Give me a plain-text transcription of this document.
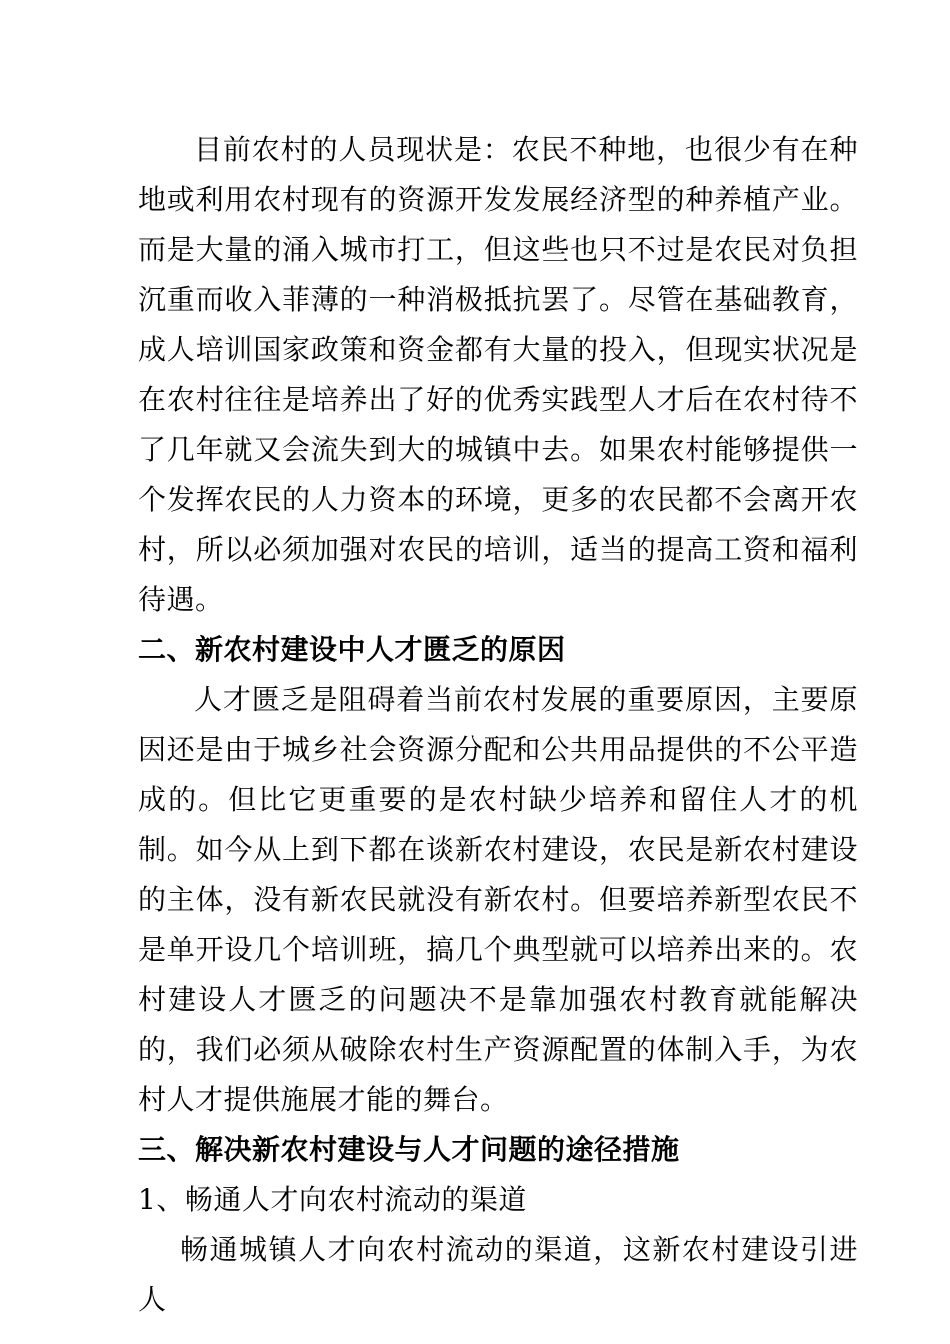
目前农村的人员现状是：农民不种地，也很少有在种地或利用农村现有的资源开发发展经济型的种养植产业。而是大量的涌入城市打工，但这些也只不过是农民对负担沉重而收入菲薄的一种消极抵抗罢了。尽管在基础教育，成人培训国家政策和资金都有大量的投入，但现实状况是在农村往往是培养出了好的优秀实践型人才后在农村待不了几年就又会流失到大的城镇中去。如果农村能够提供一个发挥农民的人力资本的环境，更多的农民都不会离开农村，所以必须加强对农民的培训，适当的提高工资和福利待遇。

二、新农村建设中人才匮乏的原因

人才匮乏是阻碍着当前农村发展的重要原因，主要原因还是由于城乡社会资源分配和公共用品提供的不公平造成的。但比它更重要的是农村缺少培养和留住人才的机制。如今从上到下都在谈新农村建设，农民是新农村建设的主体，没有新农民就没有新农村。但要培养新型农民不是单开设几个培训班，搞几个典型就可以培养出来的。农村建设人才匮乏的问题决不是靠加强农村教育就能解决的，我们必须从破除农村生产资源配置的体制入手，为农村人才提供施展才能的舞台。

三、解决新农村建设与人才问题的途径措施

1、畅通人才向农村流动的渠道

畅通城镇人才向农村流动的渠道，这新农村建设引进人
